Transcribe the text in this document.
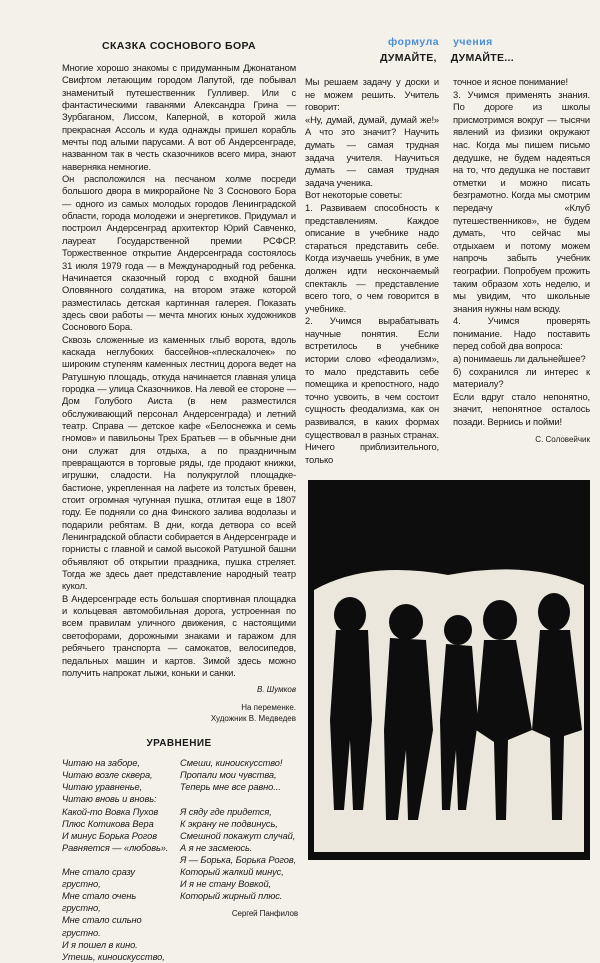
СКАЗКА СОСНОВОГО БОРА

Многие хорошо знакомы с придуманным Джонатаном Свифтом летающим городом Лапутой, где побывал знаменитый путешественник Гулливер. Или с фантастическими гаванями Александра Грина — Зурбаганом, Лиссом, Каперной, в которой жила прекрасная Ассоль и куда однажды пришел корабль мечты под алыми парусами. А вот об Андерсенграде, названном так в честь сказочников всего мира, знают наверняка немногие.

Он расположился на песчаном холме посреди большого двора в микрорайоне № 3 Соснового Бора — одного из самых молодых городов Ленинградской области, города молодежи и энергетиков. Придумал и построил Андерсенград архитектор Юрий Савченко, лауреат Государственной премии РСФСР. Торжественное открытие Андерсенграда состоялось 31 июля 1979 года — в Международный год ребенка. Начинается сказочный город с входной башни Оловянного солдатика, на втором этаже которой разместилась детская картинная галерея. Показать здесь свои работы — мечта многих юных художников Соснового Бора.

Сквозь сложенные из каменных глыб ворота, вдоль каскада неглубоких бассейнов-«плескалочек» по широким ступеням каменных лестниц дорога ведет на Ратушную площадь, откуда начинается главная улица городка — улица Сказочников. На левой ее стороне — Дом Голубого Аиста (в нем разместился обслуживающий персонал Андерсенграда) и летний театр. Справа — детское кафе «Белоснежка и семь гномов» и павильоны Трех Братьев — в обычные дни они служат для отдыха, а по праздничным превращаются в торговые ряды, где продают книжки, игрушки, сладости. На полукруглой площадке-бастионе, укрепленная на лафете из толстых бревен, стоит огромная чугунная пушка, отлитая еще в 1807 году. Ее подняли со дна Финского залива водолазы и подарили ребятам. В дни, когда детвора со всей Ленинградской области собирается в Андерсенграде и горнисты с главной и самой высокой Ратушной башни объявляют об открытии праздника, пушка стреляет. Тогда же здесь дает представление народный театр кукол.

В Андерсенграде есть большая спортивная площадка и кольцевая автомобильная дорога, устроенная по всем правилам уличного движения, с настоящими светофорами, дорожными знаками и гаражом для ребячьего транспорта — самокатов, велосипедов, педальных машин и картов. Зимой здесь можно получить напрокат лыжи, коньки и санки.

В. Шумков
На переменке.
Художник В. Медведев
УРАВНЕНИЕ
Читаю на заборе,
Читаю возле сквера,
Читаю уравненье,
Читаю вновь и вновь:
Какой-то Вовка Пухов
Плюс Котикова Вера
И минус Борька Рогов
Равняется — «любовь».
Мне стало сразу грустно,
Мне стало очень грустно,
Мне стало сильно грустно.
И я пошел в кино.
Утешь, киноискусство,
Смеши, киноискусство!
Пропали мои чувства,
Теперь мне все равно...
Я сяду где придется,
К экрану не подвинусь,
Смешной покажут случай,
А я не засмеюсь.
Я — Борька, Борька Рогов,
Который жалкий минус,
И я не стану Вовкой,
Который жирный плюс.
Сергей Панфилов
формула учения
ДУМАЙТЕ, ДУМАЙТЕ...

Мы решаем задачу у доски и не можем решить. Учитель говорит:

«Ну, думай, думай, думай же!» А что это значит? Научить думать — самая трудная задача учителя. Научиться думать — самая трудная задача ученика.

Вот некоторые советы:

1. Развиваем способность к представлениям. Каждое описание в учебнике надо стараться представить себе. Когда изучаешь учебник, в уме должен идти нескончаемый спектакль — представление всего того, о чем говорится в учебнике.

2. Учимся вырабатывать научные понятия. Если встретилось в учебнике истории слово «феодализм», то мало представить себе помещика и крепостного, надо точно усвоить, в чем состоит сущность феодализма, как он развивался, в каких формах существовал в разных странах. Ничего приблизительного, только

точное и ясное понимание!

3. Учимся применять знания. По дороге из школы присмотримся вокруг — тысячи явлений из физики окружают нас. Когда мы пишем письмо дедушке, не будем надеяться на то, что дедушка не поставит отметки и можно писать безграмотно. Когда мы смотрим передачу «Клуб путешественников», не будем думать, что сейчас мы отдыхаем и потому можем напрочь забыть учебник географии. Попробуем прожить таким образом хоть неделю, и мы увидим, что школьные знания нужны нам всюду.

4. Учимся проверять понимание. Надо поставить перед собой два вопроса:

а) понимаешь ли дальнейшее?

б) сохранился ли интерес к материалу?

Если вдруг стало непонятно, значит, непонятное осталось позади. Вернись и пойми!

С. Соловейчик
